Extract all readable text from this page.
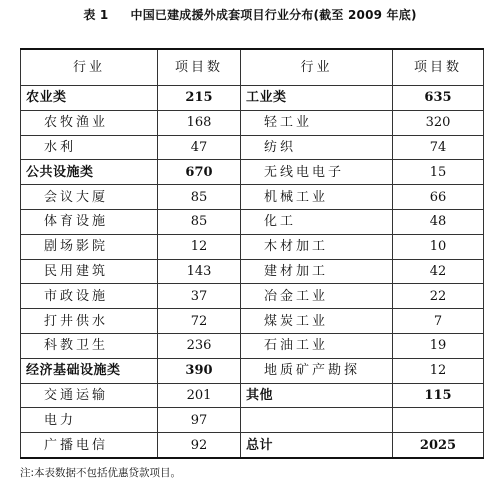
表 1 中国已建成援外成套项目行业分布(截至 2009 年底)
行业	项目数	行业	项目数
农业类	215	工业类	635
农牧渔业	168	轻工业	320
水利	47	纺织	74
公共设施类	670	无线电电子	15
会议大厦	85	机械工业	66
体育设施	85	化工	48
剧场影院	12	木材加工	10
民用建筑	143	建材加工	42
市政设施	37	冶金工业	22
打井供水	72	煤炭工业	7
科教卫生	236	石油工业	19
经济基础设施类	390	地质矿产勘探	12
交通运输	201	其他	115
电力	97		
广播电信	92	总计	2025
注:本表数据不包括优惠贷款项目。
